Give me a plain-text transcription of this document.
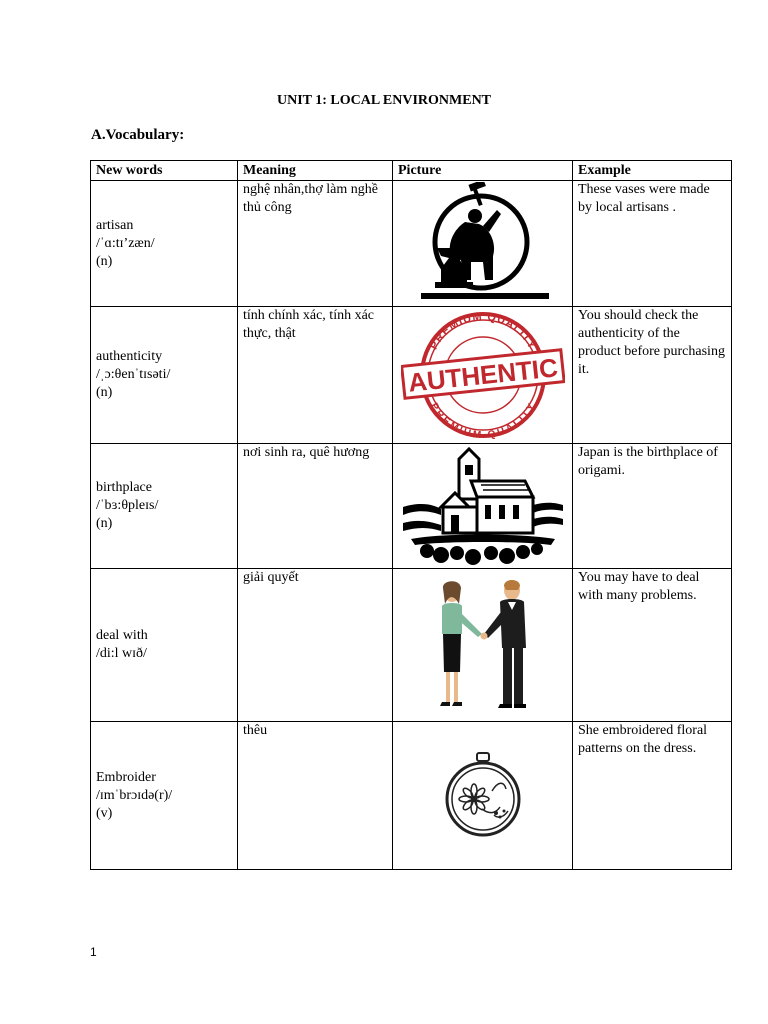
UNIT 1: LOCAL ENVIRONMENT
A.Vocabulary:
New words	Meaning	Picture	Example

artisan
/ˈɑ:tɪ’zæn/
(n)	nghệ nhân,thợ làm nghề thủ công		These vases were made by local artisans .

authenticity
/ˌɔ:θenˈtɪsəti/
(n)	tính chính xác, tính xác thực, thật	PREMIUM QUALITY
PREMIUM QUALITY
AUTHENTIC	You should check the authenticity of the product before purchasing it.

birthplace
/ˈbɜ:θpleɪs/
(n)	nơi sinh ra, quê hương		Japan is the birthplace of origami.

deal with
/di:l wɪð/	giải quyết		You may have to deal with many problems.

Embroider
/ɪmˈbrɔɪdə(r)/
(v)	thêu		She embroidered floral patterns on the dress.
1
